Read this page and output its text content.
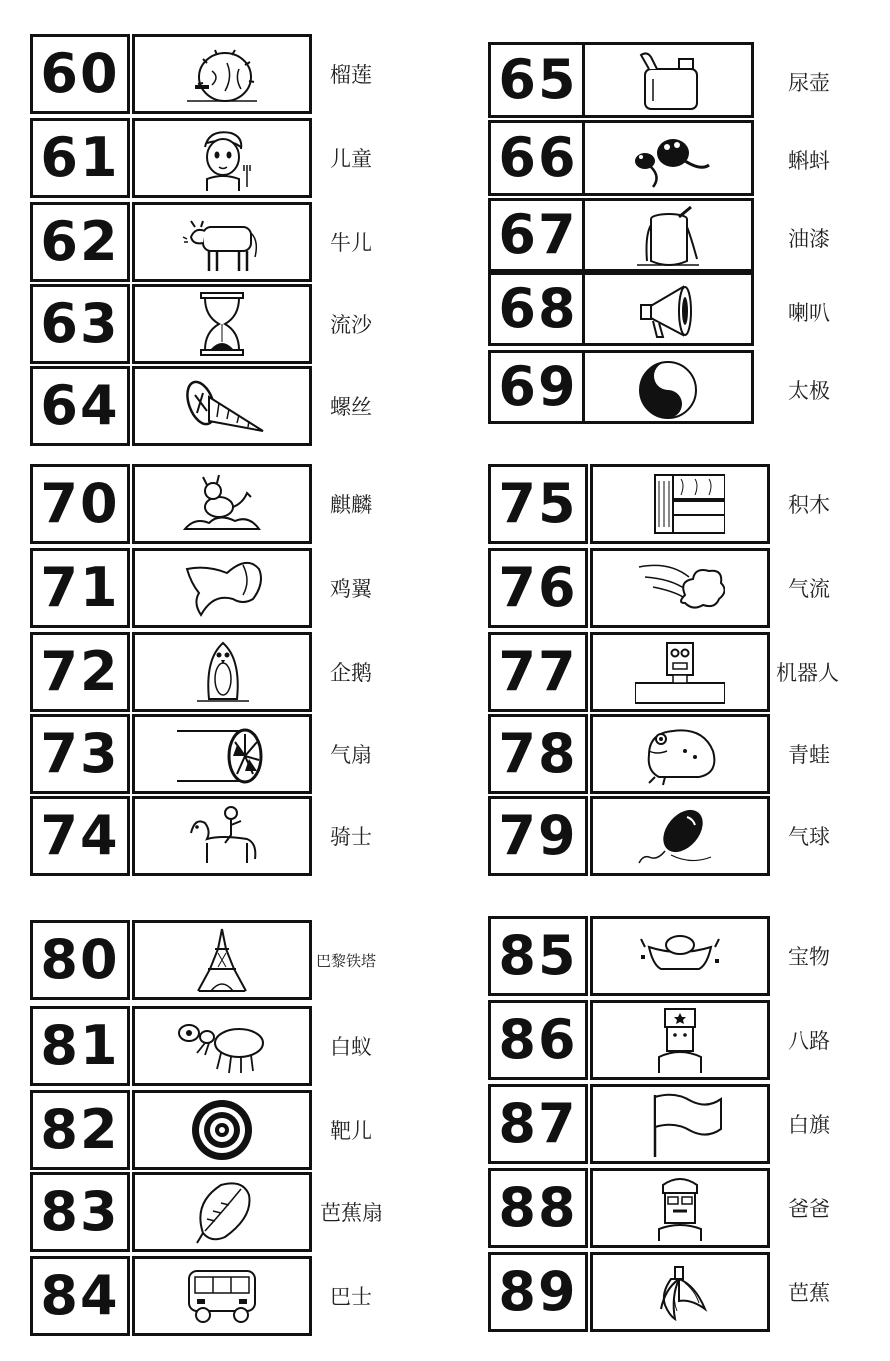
60	榴莲
61	儿童
62	牛儿
63	流沙
64	螺丝
65	尿壶
66	蝌蚪
67	油漆
68	喇叭
69	太极
70	麒麟
71	鸡翼
72	企鹅
73	气扇
74	骑士
75	积木
76	气流
77	机器人
78	青蛙
79	气球
80	巴黎铁塔
81	白蚁
82	靶儿
83	芭蕉扇
84	巴士
85	宝物
86	八路
87	白旗
88	爸爸
89	芭蕉
